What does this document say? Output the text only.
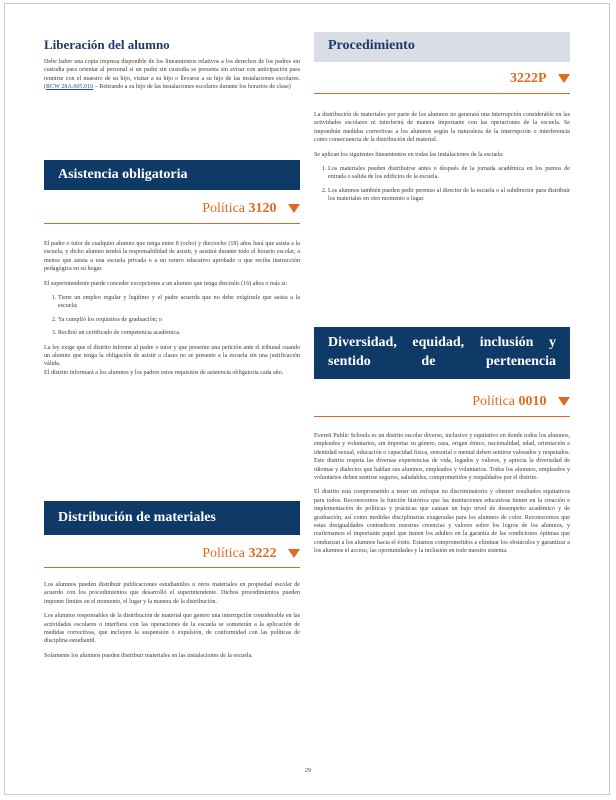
Liberación del alumno
Debe haber una copia impresa disponible de los lineamientos relativos a los derechos de los padres sin custodia para orientar al personal si un padre sin custodia se presenta sin avisar con anticipación para reunirse con el maestro de su hijo, visitar a su hijo o llevarse a su hijo de las instalaciones escolares. (RCW 28A.605.010 – Retirando a su hijo de las instalaciones escolares durante los horarios de clase)
Asistencia obligatoria
Política 3120

El padre o tutor de cualquier alumno que tenga entre 8 (ocho) y dieciocho (18) años hará que asista a la escuela, y dicho alumno tendrá la responsabilidad de asistir, y asistirá durante todo el horario escolar, a menos que asista a una escuela privada o a un centro educativo aprobado o que reciba instrucción pedagógica en su hogar.

El superintendente puede conceder excepciones a un alumno que tenga dieciséis (16) años o más si:

1. Tiene un empleo regular y legítimo y el padre acuerda que no debe exigírsele que asista a la escuela;
2. Ya cumplió los requisitos de graduación; o
3. Recibió un certificado de competencia académica.

La ley exige que el distrito informe al padre o tutor y que presente una petición ante el tribunal cuando un alumno que tenga la obligación de asistir a clases no se presente a la escuela sin una justificación válida.

El distrito informará a los alumnos y los padres estos requisitos de asistencia obligatoria cada año.

Distribución de materiales
Política 3222

Los alumnos pueden distribuir publicaciones estudiantiles u otros materiales en propiedad escolar de acuerdo con los procedimientos que desarrolló el superintendente. Dichos procedimientos pueden imponer límites en el momento, el lugar y la manera de la distribución.

Los alumnos responsables de la distribución de material que genere una interrupción considerable en las actividades escolares o interfiera con las operaciones de la escuela se someterán a la aplicación de medidas correctivas, que incluyen la suspensión o expulsión, de conformidad con las políticas de disciplina estudiantil.

Solamente los alumnos pueden distribuir materiales en las instalaciones de la escuela.

Procedimiento
3222P

La distribución de materiales por parte de los alumnos no generará una interrupción considerable en las actividades escolares ni interferirá de manera importante con las operaciones de la escuela. Se impondrán medidas correctivas a los alumnos según la naturaleza de la interrupción o interferencia como consecuencia de la distribución del material.

Se aplican los siguientes lineamientos en todas las instalaciones de la escuela:

1. Los materiales pueden distribuirse antes o después de la jornada académica en los puntos de entrada o salida de los edificios de la escuela.
2. Los alumnos también pueden pedir permiso al director de la escuela o al subdirector para distribuir los materiales en otro momento o lugar.
Diversidad, equidad, inclusión y sentido de pertenencia
Política 0010

Everett Public Schools es un distrito escolar diverso, inclusivo y equitativo en donde todos los alumnos, empleados y voluntarios, sin importar su género, raza, origen étnico, nacionalidad, edad, orientación e identidad sexual, educación o capacidad física, sensorial o mental deben sentirse valorados y respetados. Este distrito respeta las diversas experiencias de vida, legados y valores, y aprecia la diversidad de idiomas y dialectos que hablan sus alumnos, empleados y voluntarios. Todos los alumnos, empleados y voluntarios deben sentirse seguros, saludables, comprometidos y respaldados por el distrito.

El distrito está comprometido a tener un enfoque no discriminatorio y obtener resultados equitativos para todos. Reconocemos la función histórica que las instituciones educativas tienen en la creación e implementación de políticas y prácticas que causan un bajo nivel de desempeño académico y de graduación, así como medidas disciplinarias exageradas para los alumnos de color. Reconocemos que estas desigualdades contradicen nuestras creencias y valores sobre los logros de los alumnos, y reafirmamos el importante papel que tienen los adultos en la garantía de las condiciones óptimas que conduzcan a los alumnos hacia el éxito. Estamos comprometidos a eliminar los obstáculos y garantizar a los alumnos el acceso, las oportunidades y la inclusión en todo nuestro sistema.

29
